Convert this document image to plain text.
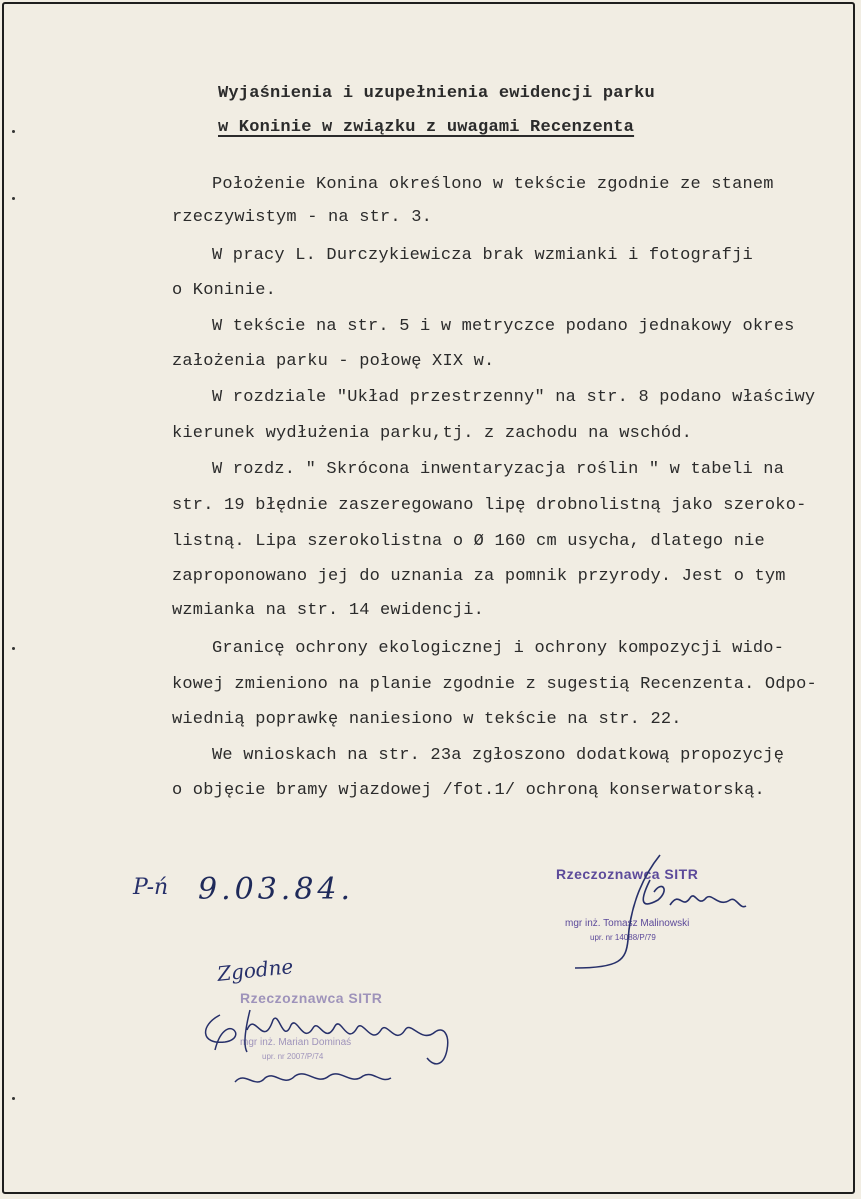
Wyjaśnienia i uzupełnienia ewidencji parku
w Koninie w związku z uwagami Recenzenta
Położenie Konina określono w tekście zgodnie ze stanem
rzeczywistym - na str. 3.
W pracy L. Durczykiewicza brak wzmianki i fotografji
o Koninie.
W tekście na str. 5 i w metryczce podano jednakowy okres
założenia parku - połowę XIX w.
W rozdziale "Układ przestrzenny" na str. 8 podano właściwy
kierunek wydłużenia parku,tj. z zachodu na wschód.
W rozdz. " Skrócona inwentaryzacja roślin " w tabeli na
str. 19 błędnie zaszeregowano lipę drobnolistną jako szeroko-
listną. Lipa szerokolistna o Ø 160 cm usycha, dlatego nie
zaproponowano jej do uznania za pomnik przyrody. Jest o tym
wzmianka na str. 14 ewidencji.
Granicę ochrony ekologicznej i ochrony kompozycji wido-
kowej zmieniono na planie zgodnie z sugestią Recenzenta. Odpo-
wiednią poprawkę naniesiono w tekście na str. 22.
We wnioskach na str. 23a zgłoszono dodatkową propozycję
o objęcie bramy wjazdowej /fot.1/ ochroną konserwatorską.
P-ń 9.03.84.	Rzeczoznawca SITR
mgr inż. Tomasz Malinowski
upr. nr 14088/P/79
Zgodne
Rzeczoznawca SITR
mgr inż. Marian Dominaś
upr. nr 2007/P/74
